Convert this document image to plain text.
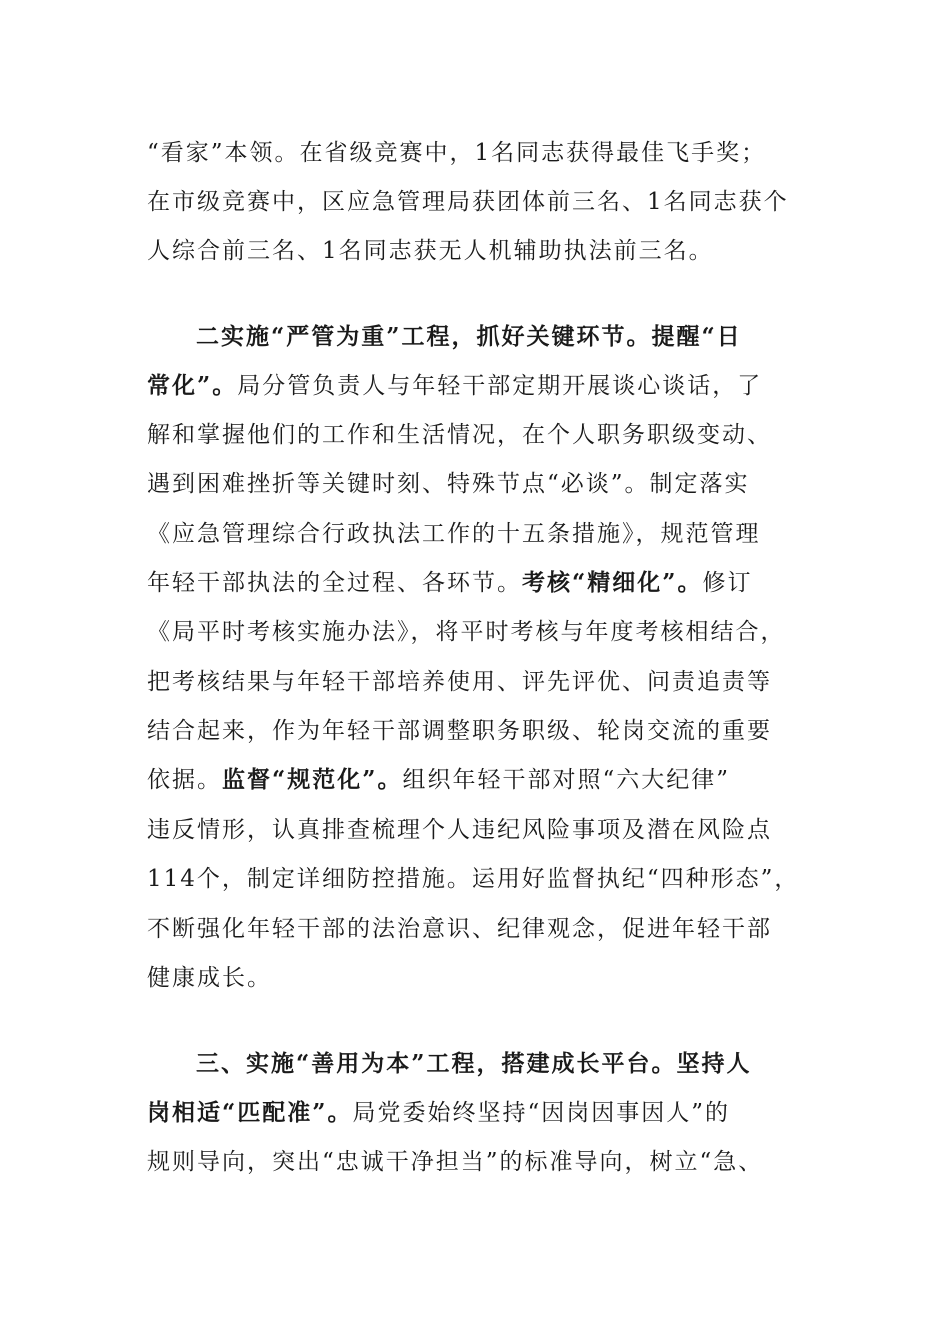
“看家”本领。在省级竞赛中，1名同志获得最佳飞手奖；
在市级竞赛中，区应急管理局获团体前三名、1名同志获个
人综合前三名、1名同志获无人机辅助执法前三名。
二实施“严管为重”工程，抓好关键环节。提醒“日
常化”。局分管负责人与年轻干部定期开展谈心谈话，了
解和掌握他们的工作和生活情况，在个人职务职级变动、
遇到困难挫折等关键时刻、特殊节点“必谈”。制定落实
《应急管理综合行政执法工作的十五条措施》，规范管理
年轻干部执法的全过程、各环节。考核“精细化”。修订
《局平时考核实施办法》，将平时考核与年度考核相结合，
把考核结果与年轻干部培养使用、评先评优、问责追责等
结合起来，作为年轻干部调整职务职级、轮岗交流的重要
依据。监督“规范化”。组织年轻干部对照“六大纪律”
违反情形，认真排查梳理个人违纪风险事项及潜在风险点
114个，制定详细防控措施。运用好监督执纪“四种形态”，
不断强化年轻干部的法治意识、纪律观念，促进年轻干部
健康成长。
三、实施“善用为本”工程，搭建成长平台。坚持人
岗相适“匹配准”。局党委始终坚持“因岗因事因人”的
规则导向，突出“忠诚干净担当”的标准导向，树立“急、
